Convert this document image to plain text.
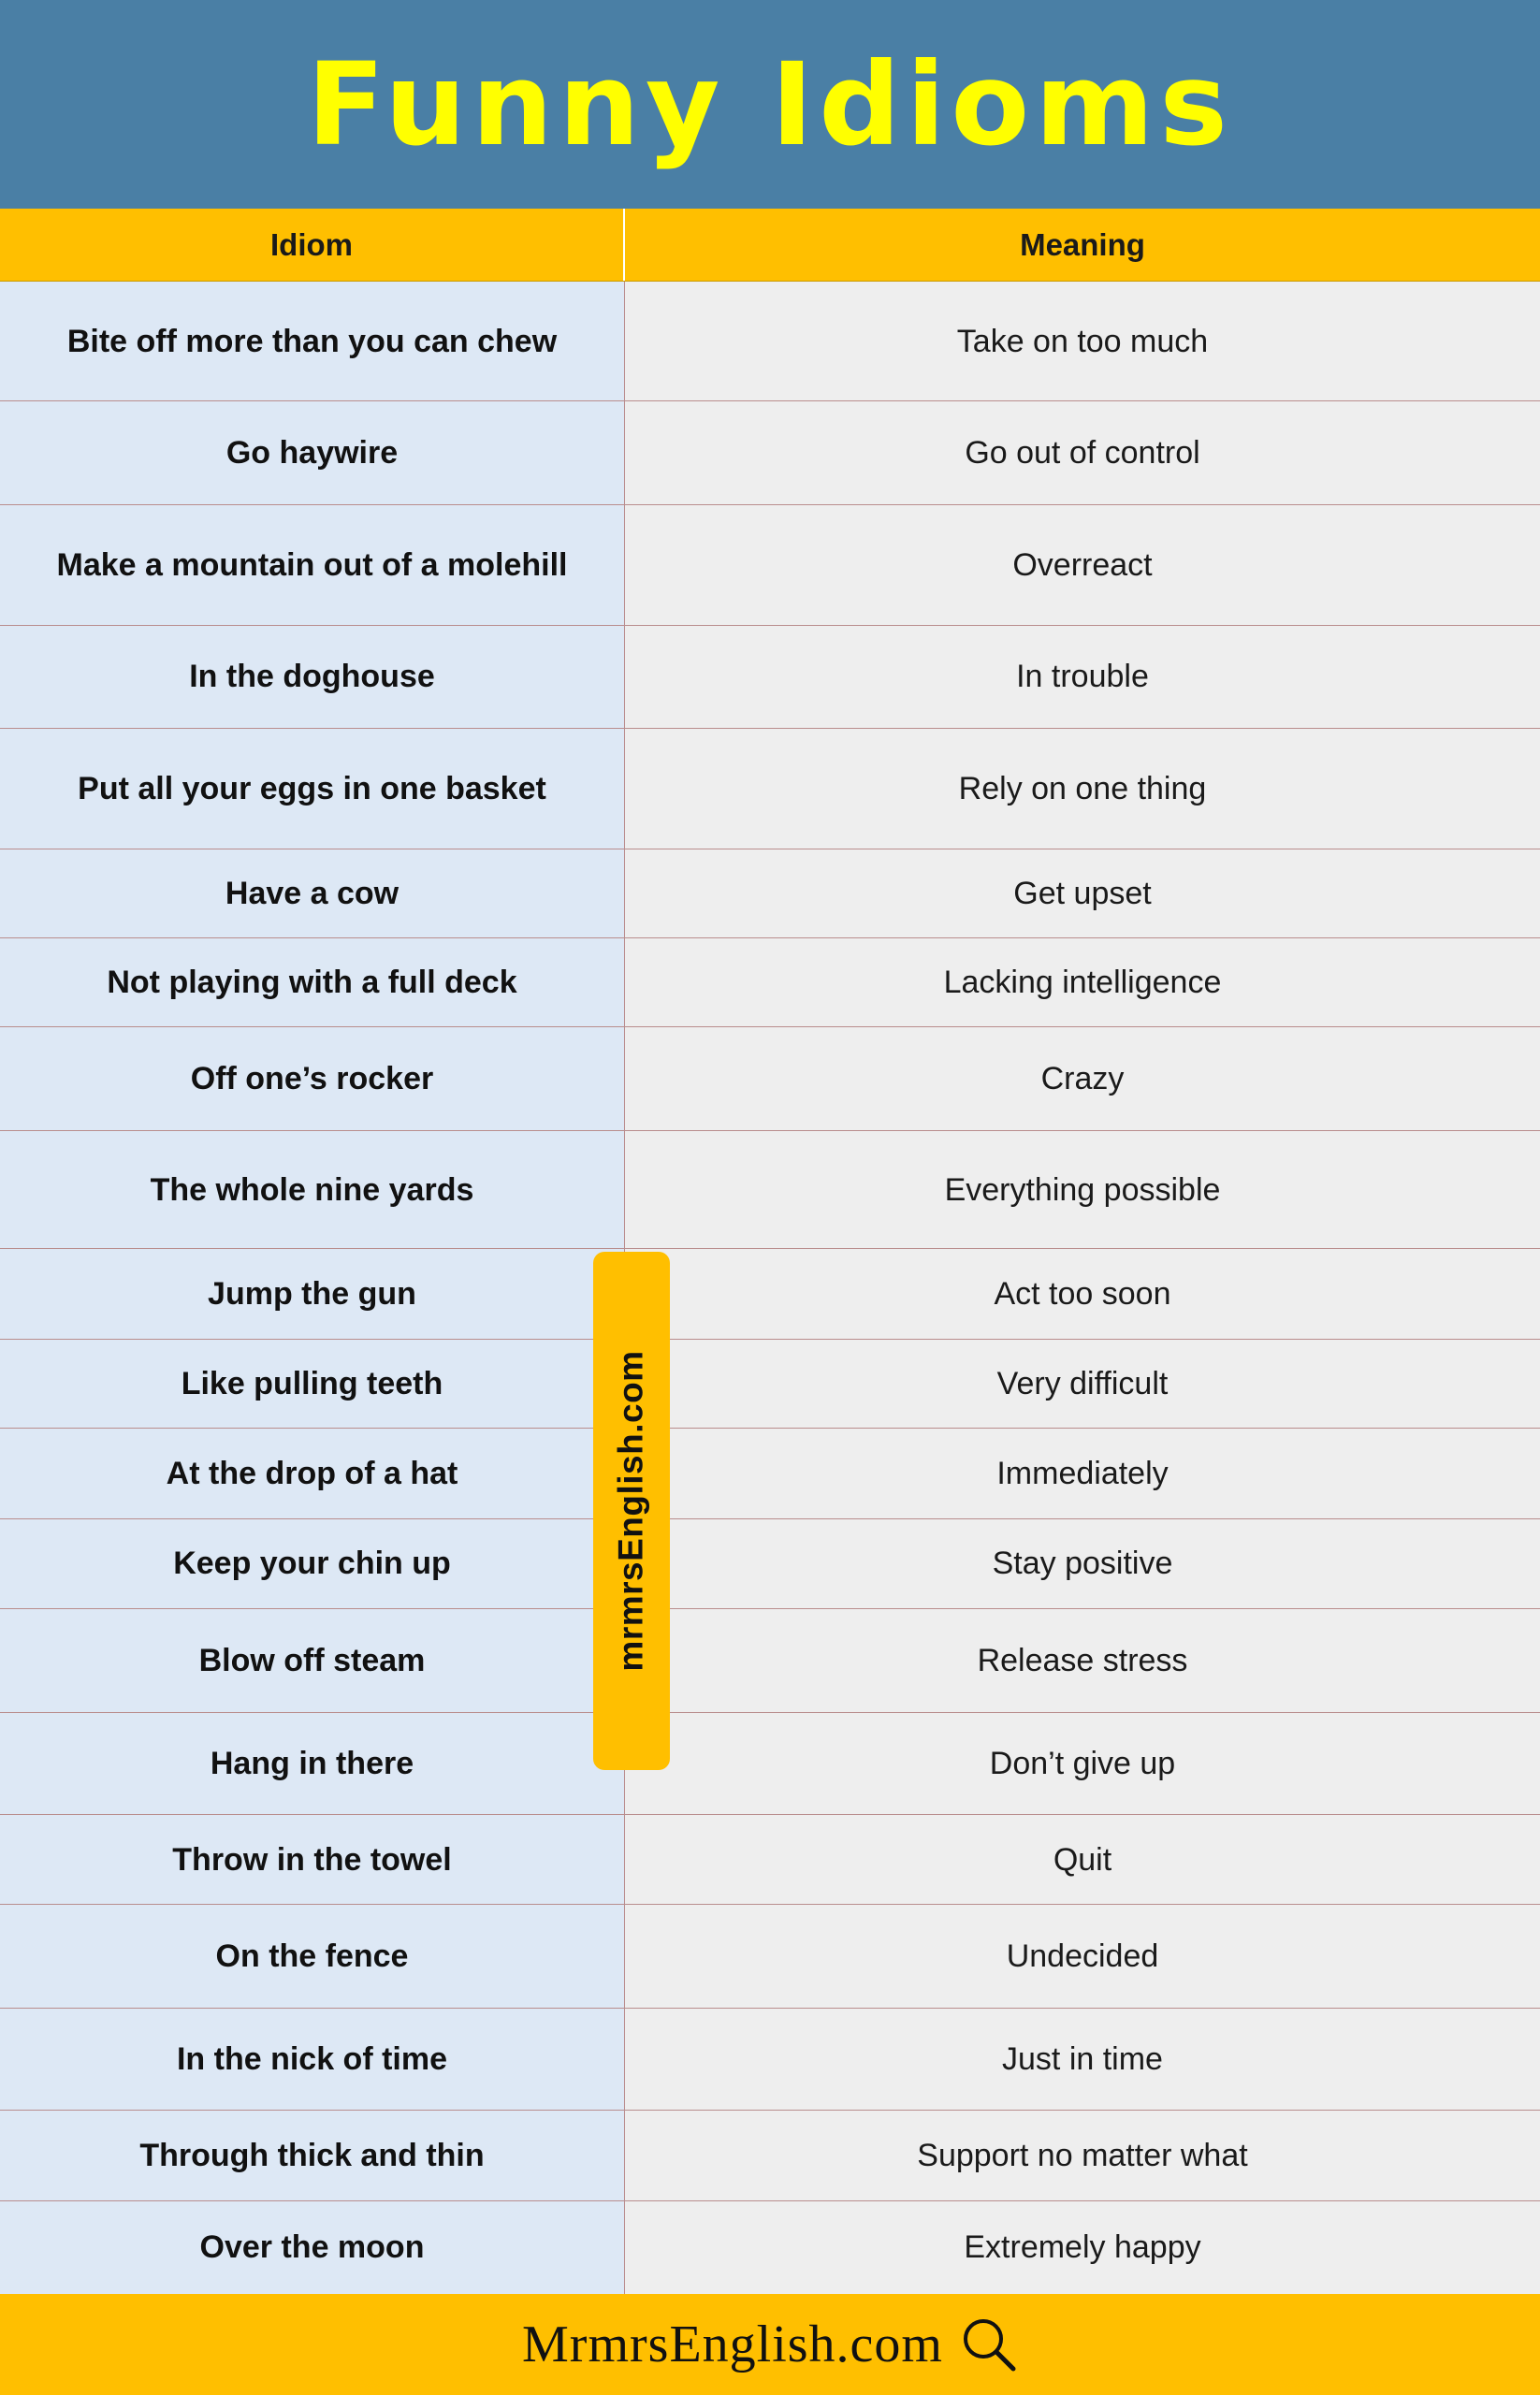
Funny Idioms
Idiom	Meaning
Bite off more than you can chew	Take on too much
Go haywire	Go out of control
Make a mountain out of a molehill	Overreact
In the doghouse	In trouble
Put all your eggs in one basket	Rely on one thing
Have a cow	Get upset
Not playing with a full deck	Lacking intelligence
Off one’s rocker	Crazy
The whole nine yards	Everything possible
Jump the gun	Act too soon
Like pulling teeth	Very difficult
At the drop of a hat	Immediately
Keep your chin up	Stay positive
Blow off steam	Release stress
Hang in there	Don’t give up
Throw in the towel	Quit
On the fence	Undecided
In the nick of time	Just in time
Through thick and thin	Support no matter what
Over the moon	Extremely happy
MrmrsEnglish.com
mrmrsEnglish.com
